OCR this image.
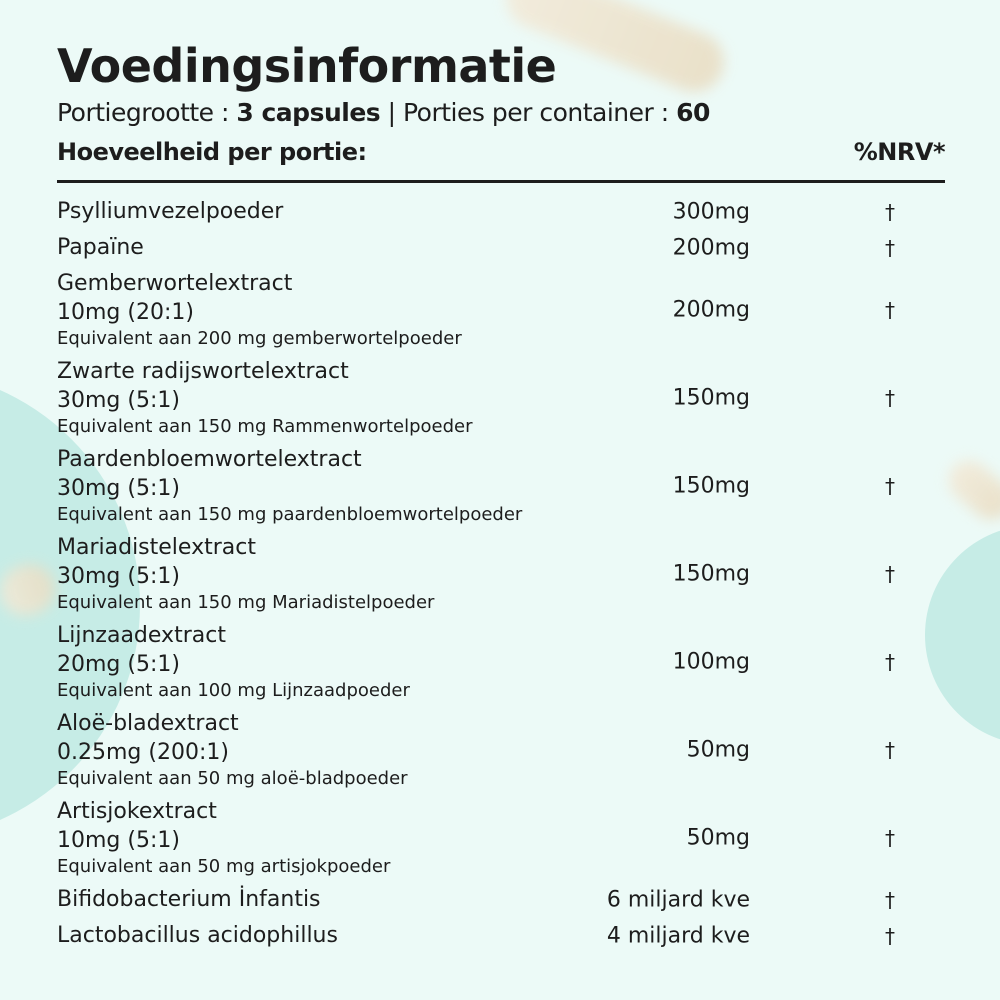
Voedingsinformatie
Portiegrootte : 3 capsules | Porties per container : 60
Hoeveelheid per portie:	%NRV*
Psylliumvezelpoeder	300mg	†
Papaïne	200mg	†
Gemberwortelextract
10mg (20:1)
Equivalent aan 200 mg gemberwortelpoeder
200mg	†
Zwarte radijswortelextract
30mg (5:1)
Equivalent aan 150 mg Rammenwortelpoeder
150mg	†
Paardenbloemwortelextract
30mg (5:1)
Equivalent aan 150 mg paardenbloemwortelpoeder
150mg	†
Mariadistelextract
30mg (5:1)
Equivalent aan 150 mg Mariadistelpoeder
150mg	†
Lijnzaadextract
20mg (5:1)
Equivalent aan 100 mg Lijnzaadpoeder
100mg	†
Aloë-bladextract
0.25mg (200:1)
Equivalent aan 50 mg aloë-bladpoeder
50mg	†
Artisjokextract
10mg (5:1)
Equivalent aan 50 mg artisjokpoeder
50mg	†
Bifidobacterium İnfantis	6 miljard kve	†
Lactobacillus acidophillus	4 miljard kve	†
